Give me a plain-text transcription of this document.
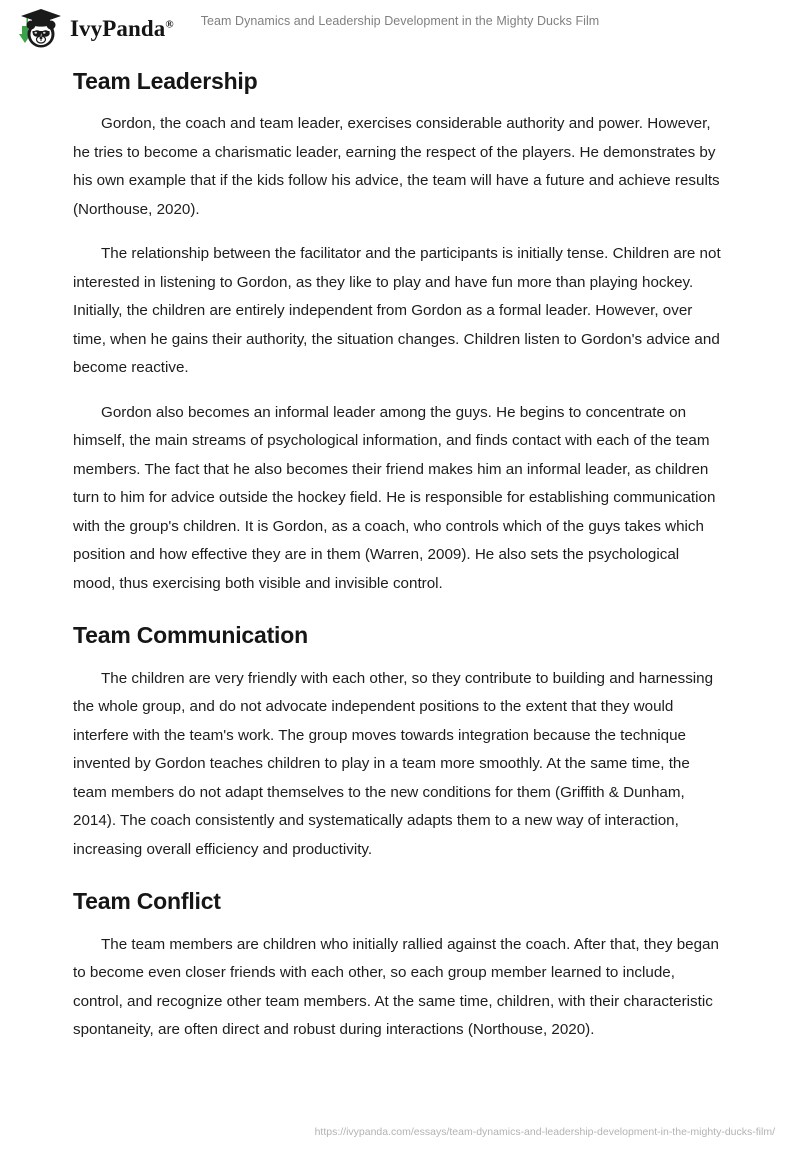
IvyPanda®	Team Dynamics and Leadership Development in the Mighty Ducks Film
Team Leadership

Gordon, the coach and team leader, exercises considerable authority and power. However, he tries to become a charismatic leader, earning the respect of the players. He demonstrates by his own example that if the kids follow his advice, the team will have a future and achieve results (Northouse, 2020).

The relationship between the facilitator and the participants is initially tense. Children are not interested in listening to Gordon, as they like to play and have fun more than playing hockey. Initially, the children are entirely independent from Gordon as a formal leader. However, over time, when he gains their authority, the situation changes. Children listen to Gordon's advice and become reactive.

Gordon also becomes an informal leader among the guys. He begins to concentrate on himself, the main streams of psychological information, and finds contact with each of the team members. The fact that he also becomes their friend makes him an informal leader, as children turn to him for advice outside the hockey field. He is responsible for establishing communication with the group's children. It is Gordon, as a coach, who controls which of the guys takes which position and how effective they are in them (Warren, 2009). He also sets the psychological mood, thus exercising both visible and invisible control.

Team Communication

The children are very friendly with each other, so they contribute to building and harnessing the whole group, and do not advocate independent positions to the extent that they would interfere with the team's work. The group moves towards integration because the technique invented by Gordon teaches children to play in a team more smoothly. At the same time, the team members do not adapt themselves to the new conditions for them (Griffith & Dunham, 2014). The coach consistently and systematically adapts them to a new way of interaction, increasing overall efficiency and productivity.

Team Conflict

The team members are children who initially rallied against the coach. After that, they began to become even closer friends with each other, so each group member learned to include, control, and recognize other team members. At the same time, children, with their characteristic spontaneity, are often direct and robust during interactions (Northouse, 2020).

https://ivypanda.com/essays/team-dynamics-and-leadership-development-in-the-mighty-ducks-film/
